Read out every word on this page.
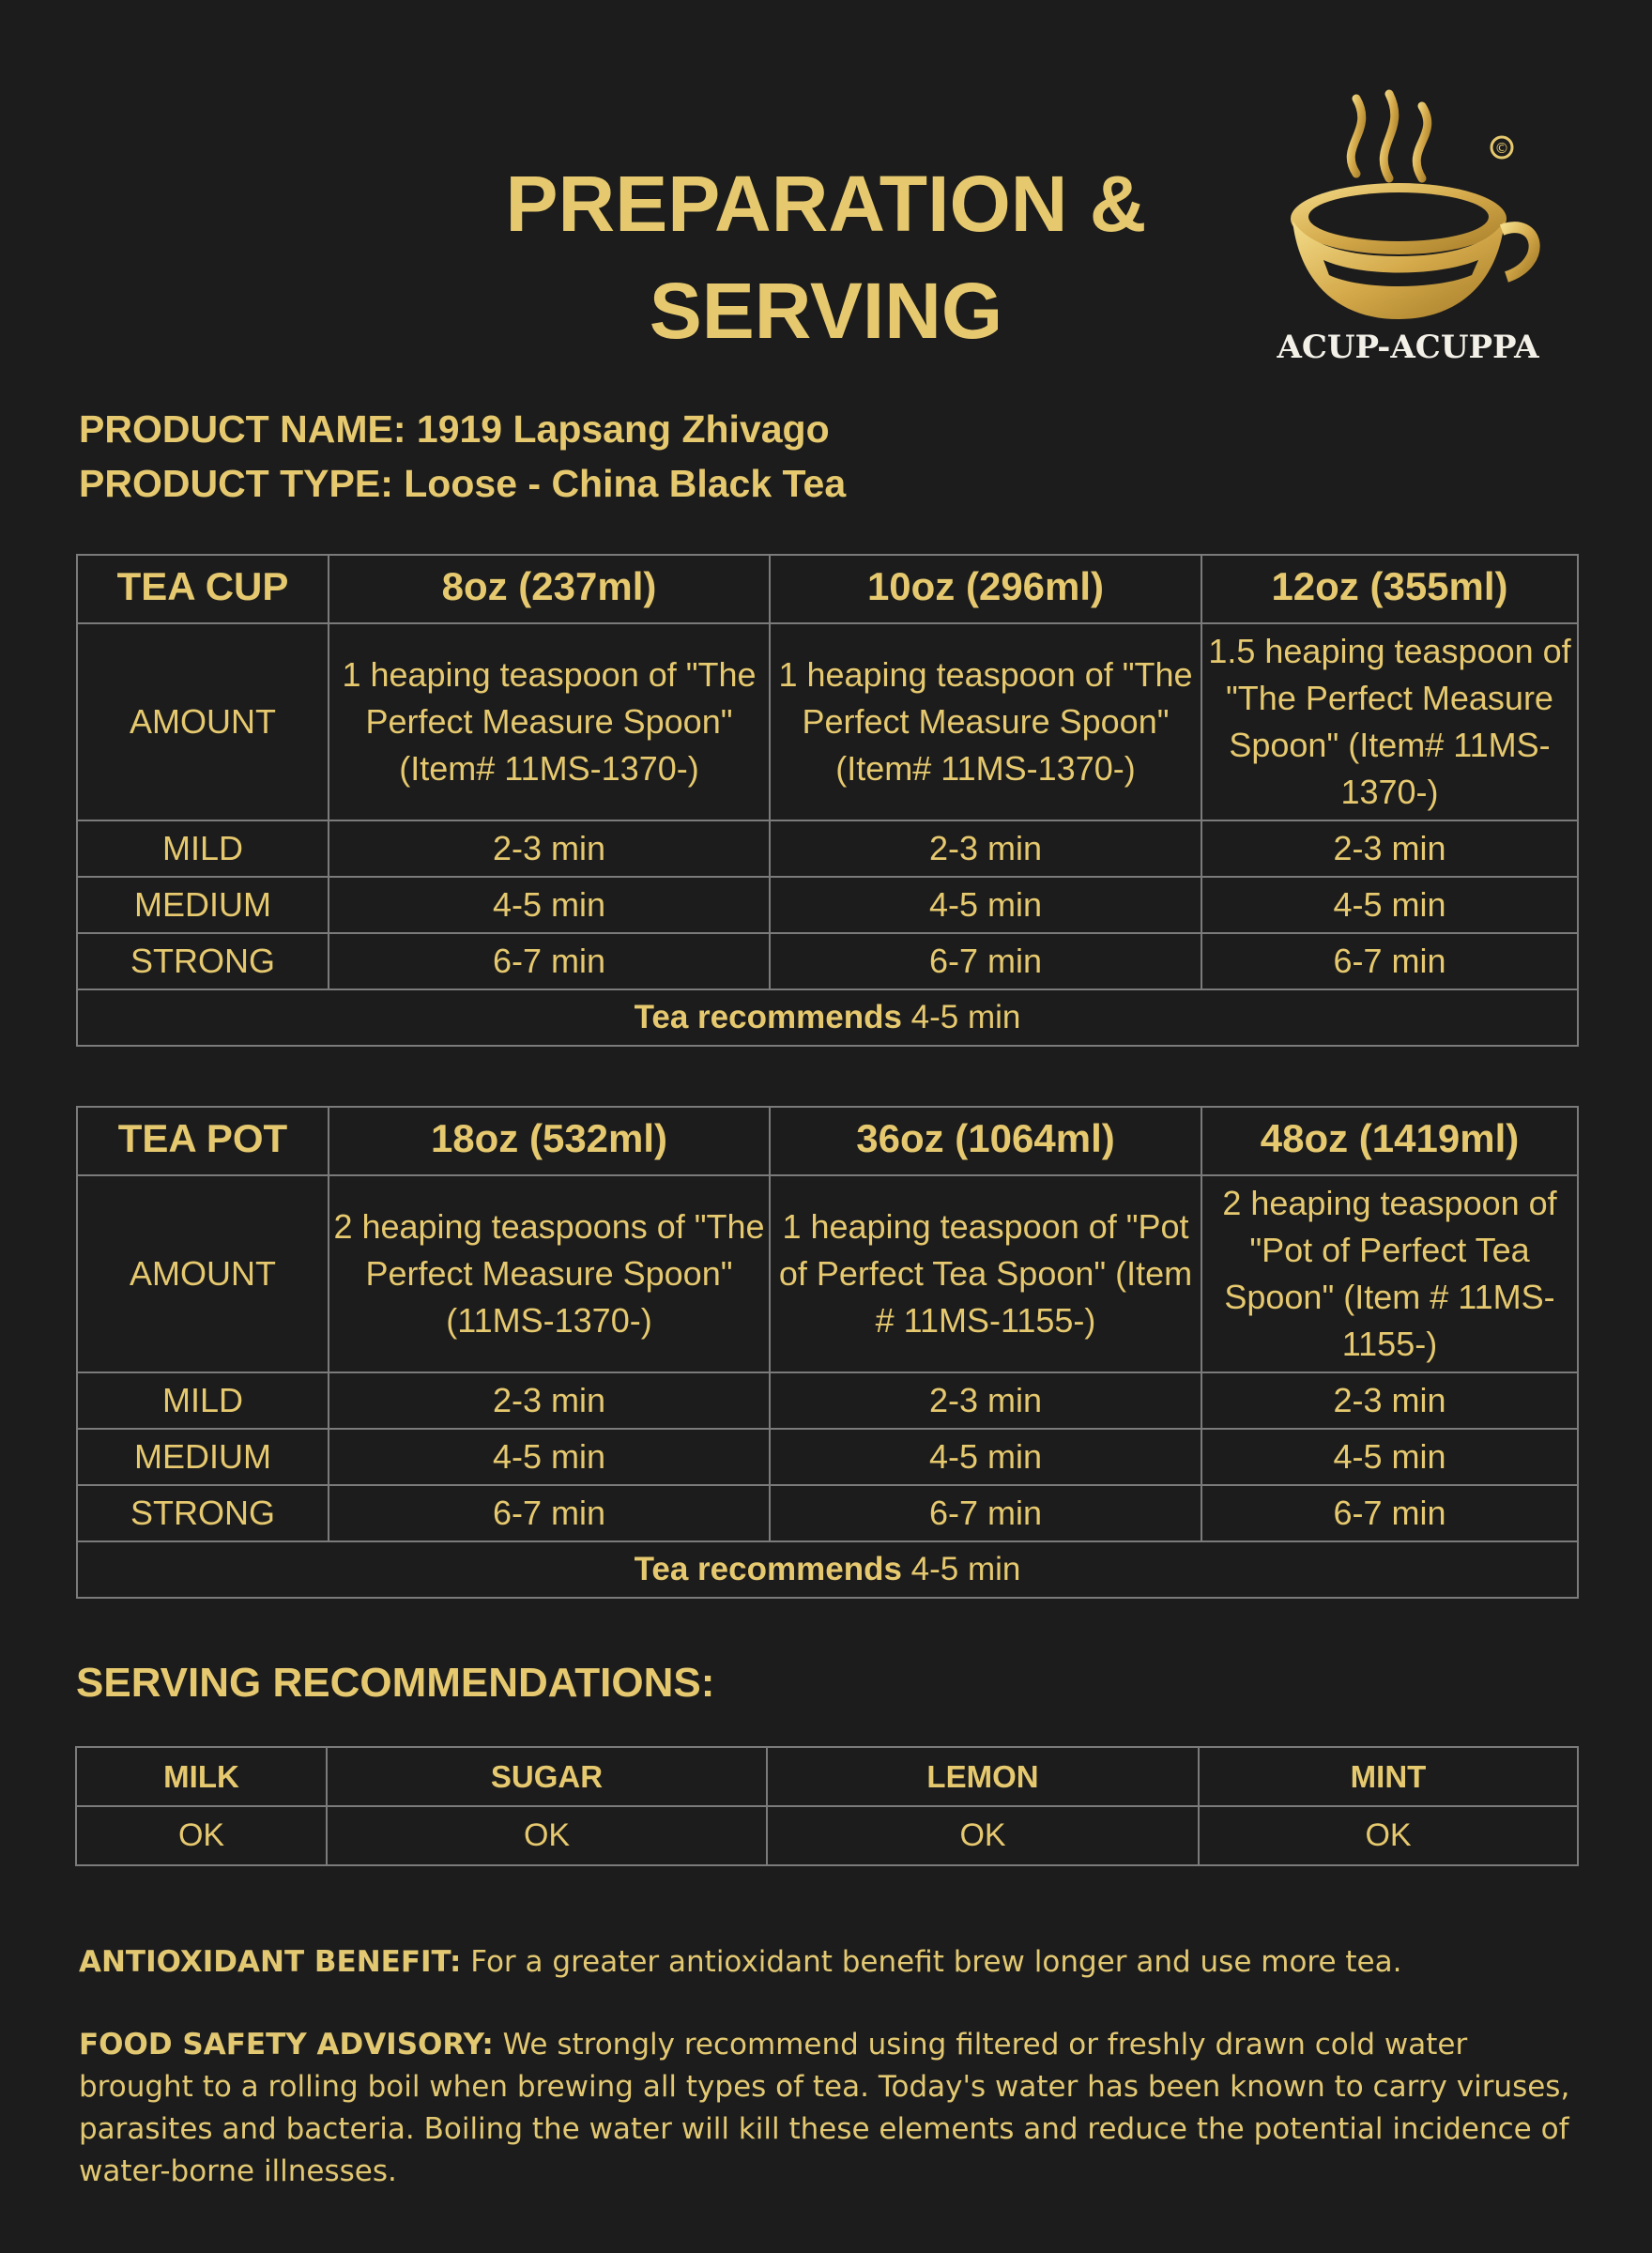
PREPARATION &
SERVING
©
ACUP-ACUPPA
PRODUCT NAME: 1919 Lapsang Zhivago
PRODUCT TYPE: Loose - China Black Tea
TEA CUP	8oz (237ml)	10oz (296ml)	12oz (355ml)
AMOUNT	1 heaping teaspoon of "The Perfect Measure Spoon" (Item# 11MS-1370-)	1 heaping teaspoon of "The Perfect Measure Spoon" (Item# 11MS-1370-)	1.5 heaping teaspoon of "The Perfect Measure Spoon" (Item# 11MS-1370-)
MILD	2-3 min	2-3 min	2-3 min
MEDIUM	4-5 min	4-5 min	4-5 min
STRONG	6-7 min	6-7 min	6-7 min
Tea recommends 4-5 min			
TEA POT	18oz (532ml)	36oz (1064ml)	48oz (1419ml)
AMOUNT	2 heaping teaspoons of "The Perfect Measure Spoon" (11MS-1370-)	1 heaping teaspoon of "Pot of Perfect Tea Spoon" (Item # 11MS-1155-)	2 heaping teaspoon of "Pot of Perfect Tea Spoon" (Item # 11MS-1155-)
MILD	2-3 min	2-3 min	2-3 min
MEDIUM	4-5 min	4-5 min	4-5 min
STRONG	6-7 min	6-7 min	6-7 min
Tea recommends 4-5 min			
SERVING RECOMMENDATIONS:
MILK	SUGAR	LEMON	MINT
OK	OK	OK	OK
ANTIOXIDANT BENEFIT: For a greater antioxidant benefit brew longer and use more tea.
FOOD SAFETY ADVISORY: We strongly recommend using filtered or freshly drawn cold water brought to a rolling boil when brewing all types of tea. Today's water has been known to carry viruses, parasites and bacteria. Boiling the water will kill these elements and reduce the potential incidence of water-borne illnesses.
